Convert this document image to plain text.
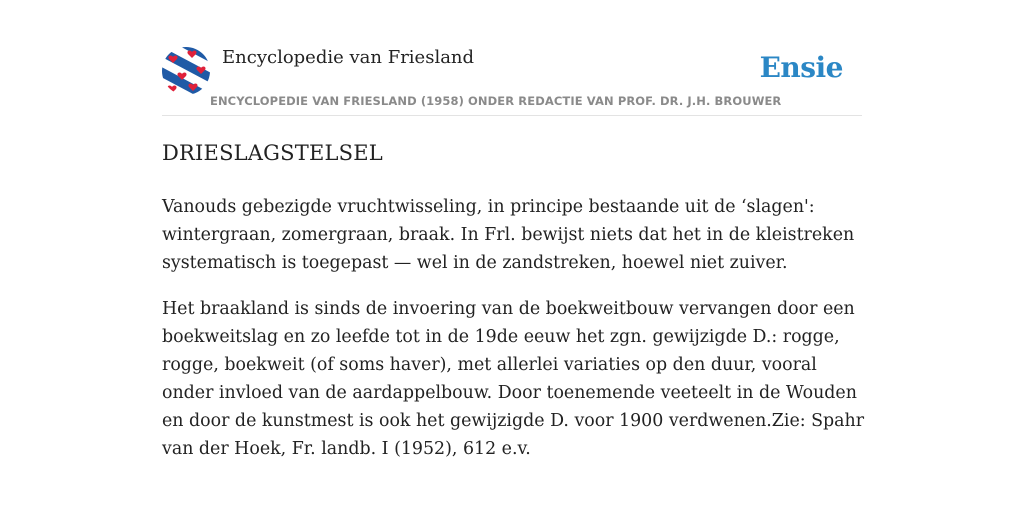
Encyclopedie van Friesland
ENCYCLOPEDIE VAN FRIESLAND (1958) ONDER REDACTIE VAN PROF. DR. J.H. BROUWER
Ensie
DRIESLAGSTELSEL

Vanouds gebezigde vruchtwisseling, in principe bestaande uit de ‘slagen': wintergraan, zomergraan, braak. In Frl. bewijst niets dat het in de kleistreken systematisch is toegepast — wel in de zandstreken, hoewel niet zuiver.

Het braakland is sinds de invoering van de boekweitbouw vervangen door een boekweitslag en zo leefde tot in de 19de eeuw het zgn. gewijzigde D.: rogge, rogge, boekweit (of soms haver), met allerlei variaties op den duur, vooral onder invloed van de aardappelbouw. Door toenemende veeteelt in de Wouden en door de kunstmest is ook het gewijzigde D. voor 1900 verdwenen.Zie: Spahr van der Hoek, Fr. landb. I (1952), 612 e.v.
